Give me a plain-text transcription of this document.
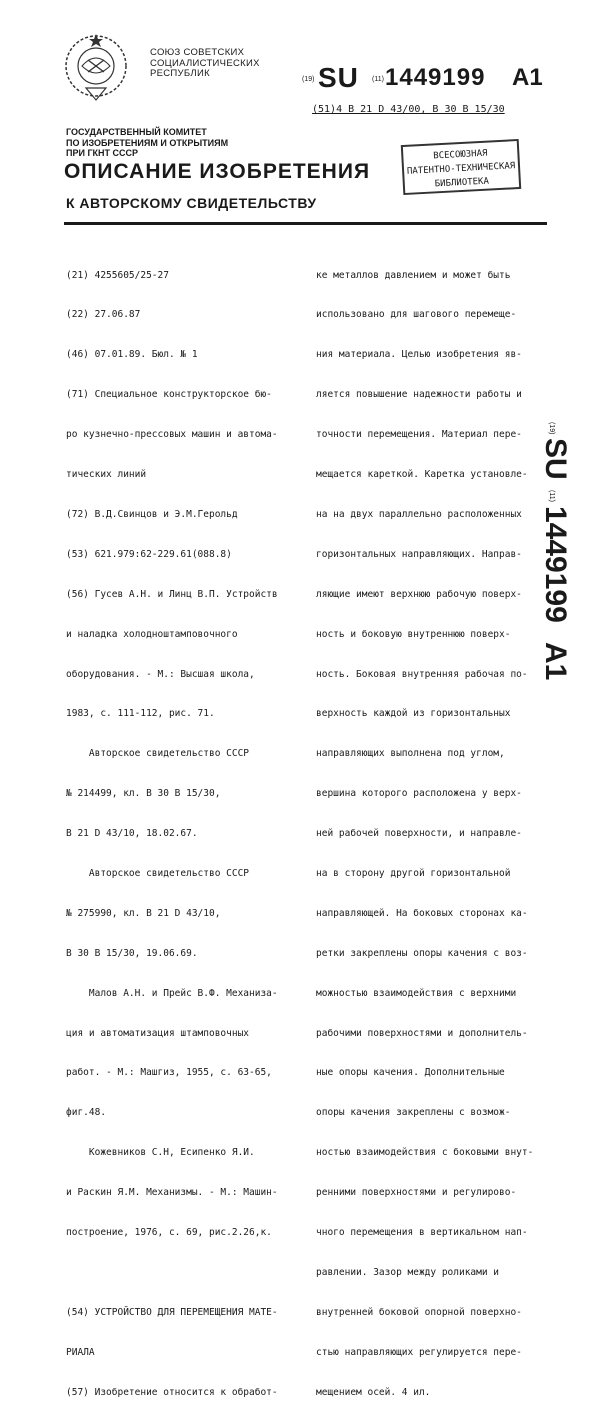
СОЮЗ СОВЕТСКИХ
СОЦИАЛИСТИЧЕСКИХ
РЕСПУБЛИК
(19) SU (11) 1449199 A1
(51)4 В 21 D 43/00, В 30 В 15/30
ГОСУДАРСТВЕННЫЙ КОМИТЕТ
ПО ИЗОБРЕТЕНИЯМ И ОТКРЫТИЯМ
ПРИ ГКНТ СССР	ВСЕСОЮЗНАЯ
ПАТЕНТНО-ТЕХНИЧЕСКАЯ
БИБЛИОТЕКА
ОПИСАНИЕ ИЗОБРЕТЕНИЯ
К АВТОРСКОМУ СВИДЕТЕЛЬСТВУ

(21) 4255605/25-27

(22) 27.06.87

(46) 07.01.89. Бюл. № 1

(71) Специальное конструкторское бю-

ро кузнечно-прессовых машин и автома-

тических линий

(72) В.Д.Свинцов и Э.М.Герольд

(53) 621.979:62-229.61(088.8)

(56) Гусев А.Н. и Линц В.П. Устройств

и наладка холодноштамповочного

оборудования. - М.: Высшая школа,

1983, с. 111-112, рис. 71.

Авторское свидетельство СССР

№ 214499, кл. В 30 В 15/30,

В 21 D 43/10, 18.02.67.

Авторское свидетельство СССР

№ 275990, кл. В 21 D 43/10,

В 30 В 15/30, 19.06.69.

Малов А.Н. и Прейс В.Ф. Механиза-

ция и автоматизация штамповочных

работ. - М.: Машгиз, 1955, с. 63-65,

фиг.48.

Кожевников С.Н, Есипенко Я.И.

и Раскин Я.М. Механизмы. - М.: Машин-

построение, 1976, с. 69, рис.2.26,к.

(54) УСТРОЙСТВО ДЛЯ ПЕРЕМЕЩЕНИЯ МАТЕ-

РИАЛА

(57) Изобретение относится к обработ-

ке металлов давлением и может быть

использовано для шагового перемеще-

ния материала. Целью изобретения яв-

ляется повышение надежности работы и

точности перемещения. Материал пере-

мещается кареткой. Каретка установле-

на на двух параллельно расположенных

горизонтальных направляющих. Направ-

ляющие имеют верхнюю рабочую поверх-

ность и боковую внутреннюю поверх-

ность. Боковая внутренняя рабочая по-

верхность каждой из горизонтальных

направляющих выполнена под углом,

вершина которого расположена у верх-

ней рабочей поверхности, и направле-

на в сторону другой горизонтальной

направляющей. На боковых сторонах ка-

ретки закреплены опоры качения с воз-

можностью взаимодействия с верхними

рабочими поверхностями и дополнитель-

ные опоры качения. Дополнительные

опоры качения закреплены с возмож-

ностью взаимодействия с боковыми внут-

ренними поверхностями и регулирово-

чного перемещения в вертикальном нап-

равлении. Зазор между роликами и

внутренней боковой опорной поверхно-

стью направляющих регулируется пере-

мещением осей. 4 ил.

(19)
SU
(11)
1449199
A1
